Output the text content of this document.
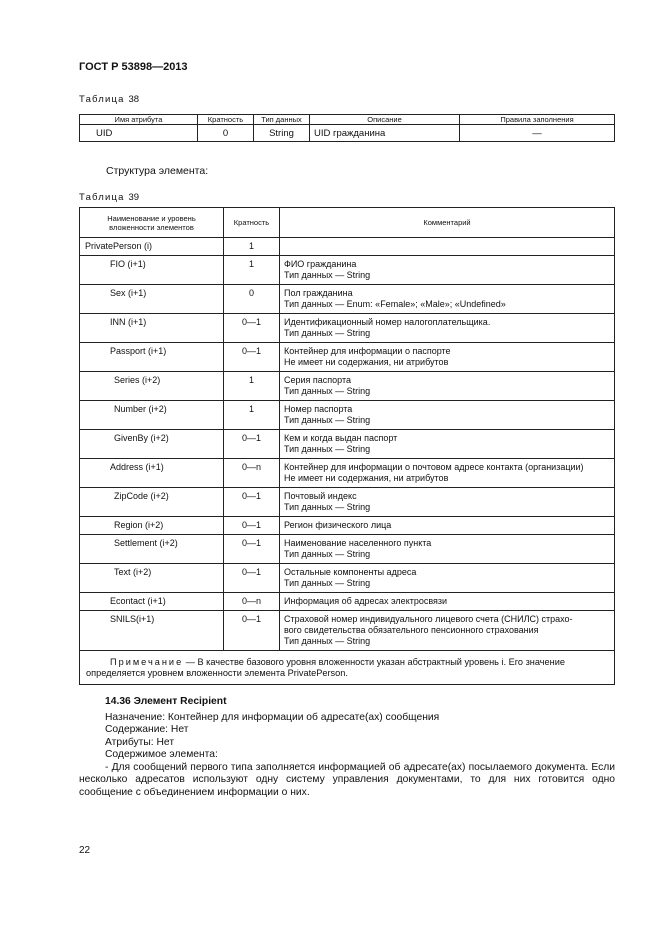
ГОСТ Р 53898—2013
Таблица 38
Имя атрибута	Кратность	Тип данных	Описание	Правила заполнения
UID	0	String	UID гражданина	—
Структура элемента:
Таблица 39
Наименование и уровень вложенности элементов	Кратность	Комментарий
PrivatePerson (i)	1	
FIO (i+1)	1	ФИО гражданина
Тип данных — String

Sex (i+1)	0	Пол гражданина
Тип данных — Enum: «Female»; «Male»; «Undefined»

INN (i+1)	0—1	Идентификационный номер налогоплательщика.
Тип данных — String

Passport (i+1)	0—1	Контейнер для информации о паспорте
Не имеет ни содержания, ни атрибутов

Series (i+2)	1	Серия паспорта
Тип данных — String

Number (i+2)	1	Номер паспорта
Тип данных — String

GivenBy (i+2)	0—1	Кем и когда выдан паспорт
Тип данных — String

Address (i+1)	0—n	Контейнер для информации о почтовом адресе контакта (организации)
Не имеет ни содержания, ни атрибутов

ZipCode (i+2)	0—1	Почтовый индекс
Тип данных — String

Region (i+2)	0—1	Регион физического лица

Settlement (i+2)	0—1	Наименование населенного пункта
Тип данных — String

Text (i+2)	0—1	Остальные компоненты адреса
Тип данных — String

Econtact (i+1)	0—n	Информация об адресах электросвязи

SNILS(i+1)	0—1	Страховой номер индивидуального лицевого счета (СНИЛС) страхо-
вого свидетельства обязательного пенсионного страхования
Тип данных — String

Примечание — В качестве базового уровня вложенности указан абстрактный уровень i. Его значение определяется уровнем вложенности элемента PrivatePerson.		
14.36 Элемент Recipient
Назначение: Контейнер для информации об адресате(ах) сообщения
Содержание: Нет
Атрибуты: Нет
Содержимое элемента:
- Для сообщений первого типа заполняется информацией об адресате(ах) посылаемого документа. Если несколько адресатов используют одну систему управления документами, то для них готовится одно сообщение с объединением информации о них.
22
